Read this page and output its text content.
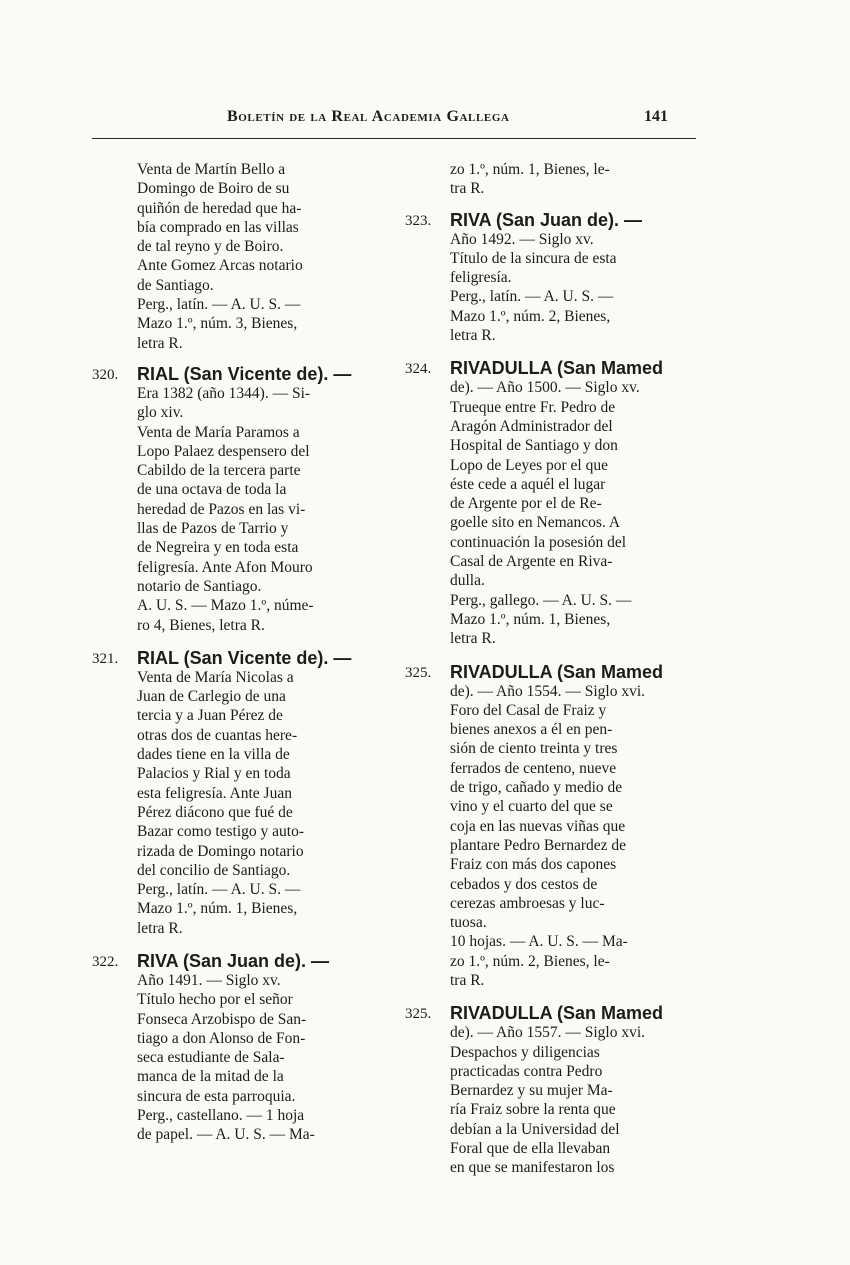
Boletín de la Real Academia Gallega	141
Venta de Martín Bello a
Domingo de Boiro de su
quiñón de heredad que ha-
bía comprado en las villas
de tal reyno y de Boiro.
Ante Gomez Arcas notario
de Santiago.
Perg., latín. — A. U. S. —
Mazo 1.º, núm. 3, Bienes,
letra R.
320. RIAL (San Vicente de). —
Era 1382 (año 1344). — Si-
glo xiv.
Venta de María Paramos a
Lopo Palaez despensero del
Cabildo de la tercera parte
de una octava de toda la
heredad de Pazos en las vi-
llas de Pazos de Tarrio y
de Negreira y en toda esta
feligresía. Ante Afon Mouro
notario de Santiago.
A. U. S. — Mazo 1.º, núme-
ro 4, Bienes, letra R.
321. RIAL (San Vicente de). —
Venta de María Nicolas a
Juan de Carlegio de una
tercia y a Juan Pérez de
otras dos de cuantas here-
dades tiene en la villa de
Palacios y Rial y en toda
esta feligresía. Ante Juan
Pérez diácono que fué de
Bazar como testigo y auto-
rizada de Domingo notario
del concilio de Santiago.
Perg., latín. — A. U. S. —
Mazo 1.º, núm. 1, Bienes,
letra R.
322. RIVA (San Juan de). —
Año 1491. — Siglo xv.
Título hecho por el señor
Fonseca Arzobispo de San-
tiago a don Alonso de Fon-
seca estudiante de Sala-
manca de la mitad de la
sincura de esta parroquia.
Perg., castellano. — 1 hoja
de papel. — A. U. S. — Ma-
zo 1.º, núm. 1, Bienes, le-
tra R.
323. RIVA (San Juan de). —
Año 1492. — Siglo xv.
Título de la sincura de esta
feligresía.
Perg., latín. — A. U. S. —
Mazo 1.º, núm. 2, Bienes,
letra R.
324. RIVADULLA (San Mamed
de). — Año 1500. — Siglo xv.
Trueque entre Fr. Pedro de
Aragón Administrador del
Hospital de Santiago y don
Lopo de Leyes por el que
éste cede a aquél el lugar
de Argente por el de Re-
goelle sito en Nemancos. A
continuación la posesión del
Casal de Argente en Riva-
dulla.
Perg., gallego. — A. U. S. —
Mazo 1.º, núm. 1, Bienes,
letra R.
325. RIVADULLA (San Mamed
de). — Año 1554. — Siglo xvi.
Foro del Casal de Fraiz y
bienes anexos a él en pen-
sión de ciento treinta y tres
ferrados de centeno, nueve
de trigo, cañado y medio de
vino y el cuarto del que se
coja en las nuevas viñas que
plantare Pedro Bernardez de
Fraiz con más dos capones
cebados y dos cestos de
cerezas ambroesas y luc-
tuosa.
10 hojas. — A. U. S. — Ma-
zo 1.º, núm. 2, Bienes, le-
tra R.
325. RIVADULLA (San Mamed
de). — Año 1557. — Siglo xvi.
Despachos y diligencias
practicadas contra Pedro
Bernardez y su mujer Ma-
ría Fraiz sobre la renta que
debían a la Universidad del
Foral que de ella llevaban
en que se manifestaron los
